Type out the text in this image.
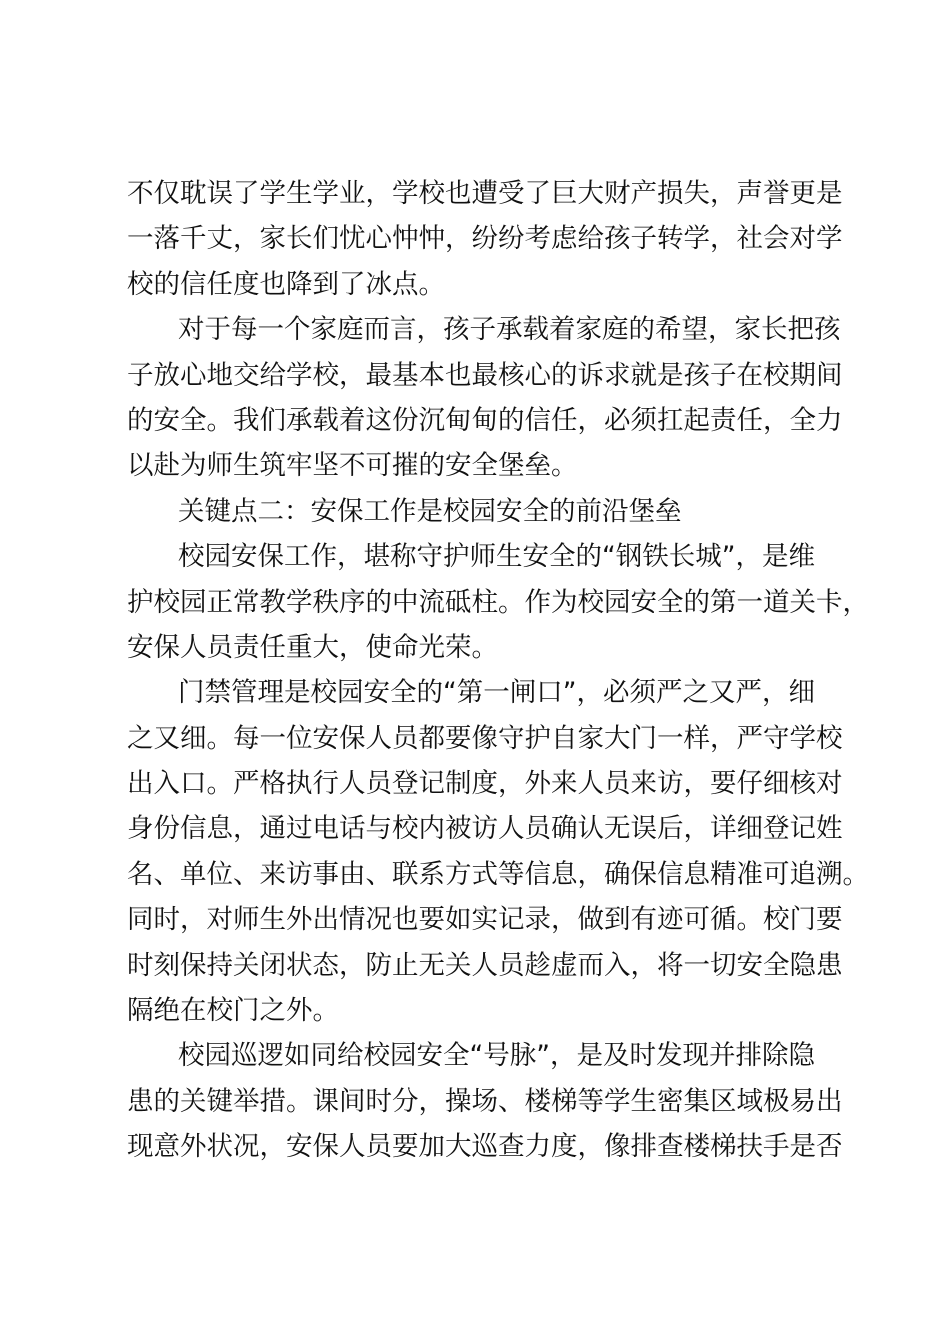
不仅耽误了学生学业，学校也遭受了巨大财产损失，声誉更是
一落千丈，家长们忧心忡忡，纷纷考虑给孩子转学，社会对学
校的信任度也降到了冰点。
对于每一个家庭而言，孩子承载着家庭的希望，家长把孩
子放心地交给学校，最基本也最核心的诉求就是孩子在校期间
的安全。我们承载着这份沉甸甸的信任，必须扛起责任，全力
以赴为师生筑牢坚不可摧的安全堡垒。
关键点二：安保工作是校园安全的前沿堡垒
校园安保工作，堪称守护师生安全的“钢铁长城”，是维
护校园正常教学秩序的中流砥柱。作为校园安全的第一道关卡，
安保人员责任重大，使命光荣。
门禁管理是校园安全的“第一闸口”，必须严之又严，细
之又细。每一位安保人员都要像守护自家大门一样，严守学校
出入口。严格执行人员登记制度，外来人员来访，要仔细核对
身份信息，通过电话与校内被访人员确认无误后，详细登记姓
名、单位、来访事由、联系方式等信息，确保信息精准可追溯。
同时，对师生外出情况也要如实记录，做到有迹可循。校门要
时刻保持关闭状态，防止无关人员趁虚而入，将一切安全隐患
隔绝在校门之外。
校园巡逻如同给校园安全“号脉”，是及时发现并排除隐
患的关键举措。课间时分，操场、楼梯等学生密集区域极易出
现意外状况，安保人员要加大巡查力度，像排查楼梯扶手是否
